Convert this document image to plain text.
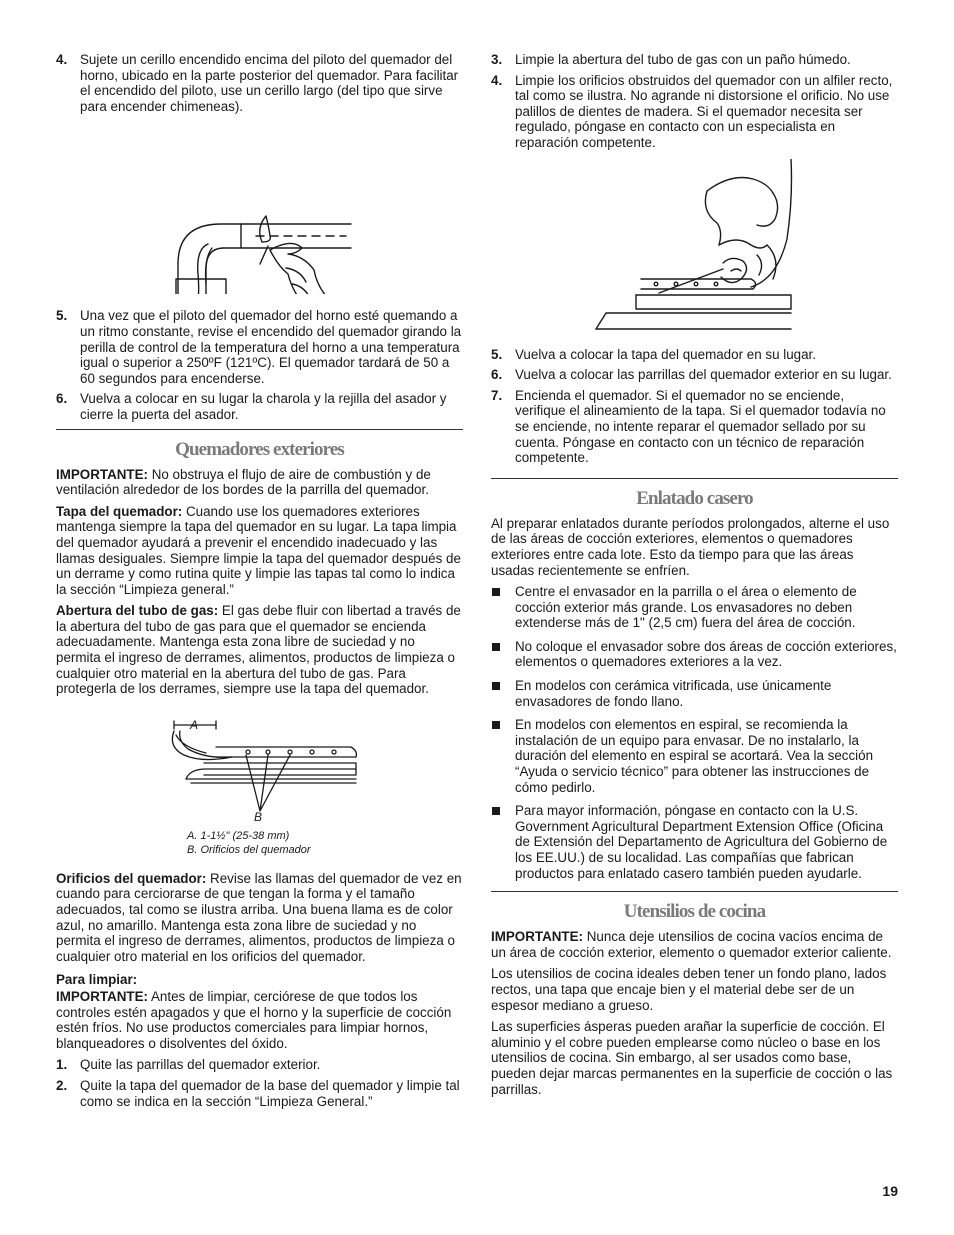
4. Sujete un cerillo encendido encima del piloto del quemador del horno, ubicado en la parte posterior del quemador. Para facilitar el encendido del piloto, use un cerillo largo (del tipo que sirve para encender chimeneas).
5. Una vez que el piloto del quemador del horno esté quemando a un ritmo constante, revise el encendido del quemador girando la perilla de control de la temperatura del horno a una temperatura igual o superior a 250ºF (121ºC). El quemador tardará de 50 a 60 segundos para encenderse.
6. Vuelva a colocar en su lugar la charola y la rejilla del asador y cierre la puerta del asador.
Quemadores exteriores

IMPORTANTE: No obstruya el flujo de aire de combustión y de ventilación alrededor de los bordes de la parrilla del quemador.

Tapa del quemador: Cuando use los quemadores exteriores mantenga siempre la tapa del quemador en su lugar. La tapa limpia del quemador ayudará a prevenir el encendido inadecuado y las llamas desiguales. Siempre limpie la tapa del quemador después de un derrame y como rutina quite y limpie las tapas tal como lo indica la sección “Limpieza general.”

Abertura del tubo de gas: El gas debe fluir con libertad a través de la abertura del tubo de gas para que el quemador se encienda adecuadamente. Mantenga esta zona libre de suciedad y no permita el ingreso de derrames, alimentos, productos de limpieza o cualquier otro material en la abertura del tubo de gas. Para protegerla de los derrames, siempre use la tapa del quemador.

A
B
A. 1-1½" (25-38 mm)
B. Orificios del quemador

Orificios del quemador: Revise las llamas del quemador de vez en cuando para cerciorarse de que tengan la forma y el tamaño adecuados, tal como se ilustra arriba. Una buena llama es de color azul, no amarillo. Mantenga esta zona libre de suciedad y no permita el ingreso de derrames, alimentos, productos de limpieza o cualquier otro material en los orificios del quemador.

Para limpiar:

IMPORTANTE: Antes de limpiar, cerciórese de que todos los controles estén apagados y que el horno y la superficie de cocción estén fríos. No use productos comerciales para limpiar hornos, blanqueadores o disolventes del óxido.

1. Quite las parrillas del quemador exterior.
2. Quite la tapa del quemador de la base del quemador y limpie tal como se indica en la sección “Limpieza General.”
3. Limpie la abertura del tubo de gas con un paño húmedo.
4. Limpie los orificios obstruidos del quemador con un alfiler recto, tal como se ilustra. No agrande ni distorsione el orificio. No use palillos de dientes de madera. Si el quemador necesita ser regulado, póngase en contacto con un especialista en reparación competente.
5. Vuelva a colocar la tapa del quemador en su lugar.
6. Vuelva a colocar las parrillas del quemador exterior en su lugar.
7. Encienda el quemador. Si el quemador no se enciende, verifique el alineamiento de la tapa. Si el quemador todavía no se enciende, no intente reparar el quemador sellado por su cuenta. Póngase en contacto con un técnico de reparación competente.
Enlatado casero

Al preparar enlatados durante períodos prolongados, alterne el uso de las áreas de cocción exteriores, elementos o quemadores exteriores entre cada lote. Esto da tiempo para que las áreas usadas recientemente se enfríen.

Centre el envasador en la parrilla o el área o elemento de cocción exterior más grande. Los envasadores no deben extenderse más de 1" (2,5 cm) fuera del área de cocción.
No coloque el envasador sobre dos áreas de cocción exteriores, elementos o quemadores exteriores a la vez.
En modelos con cerámica vitrificada, use únicamente envasadores de fondo llano.
En modelos con elementos en espiral, se recomienda la instalación de un equipo para envasar. De no instalarlo, la duración del elemento en espiral se acortará. Vea la sección “Ayuda o servicio técnico” para obtener las instrucciones de cómo pedirlo.
Para mayor información, póngase en contacto con la U.S. Government Agricultural Department Extension Office (Oficina de Extensión del Departamento de Agricultura del Gobierno de los EE.UU.) de su localidad. Las compañías que fabrican productos para enlatado casero también pueden ayudarle.
Utensilios de cocina

IMPORTANTE: Nunca deje utensilios de cocina vacíos encima de un área de cocción exterior, elemento o quemador exterior caliente.

Los utensilios de cocina ideales deben tener un fondo plano, lados rectos, una tapa que encaje bien y el material debe ser de un espesor mediano a grueso.

Las superficies ásperas pueden arañar la superficie de cocción. El aluminio y el cobre pueden emplearse como núcleo o base en los utensilios de cocina. Sin embargo, al ser usados como base, pueden dejar marcas permanentes en la superficie de cocción o las parrillas.

19
